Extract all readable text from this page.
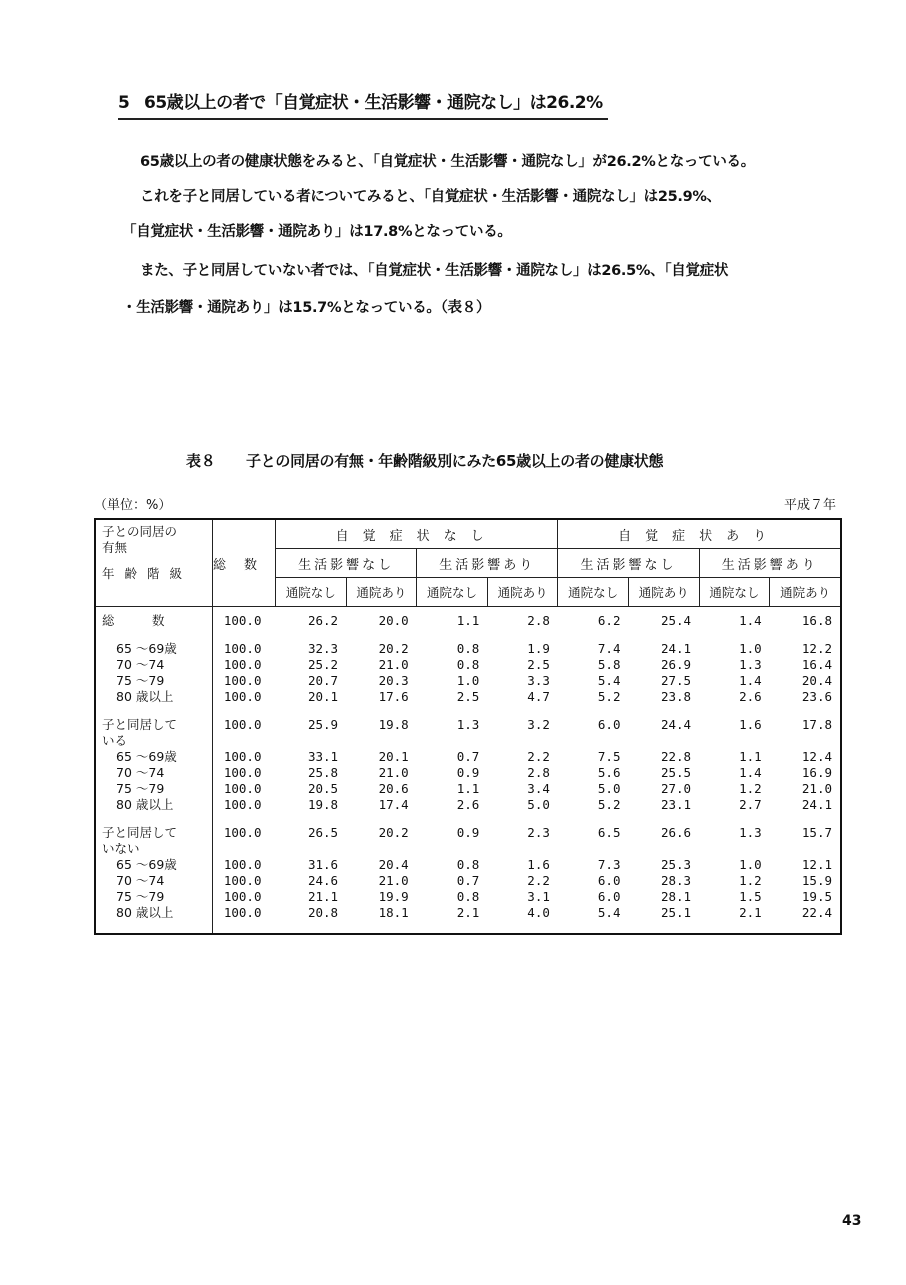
5 65歳以上の者で「自覚症状・生活影響・通院なし」は26.2%
65歳以上の者の健康状態をみると、「自覚症状・生活影響・通院なし」が26.2%となっている。
これを子と同居している者についてみると、「自覚症状・生活影響・通院なし」は25.9%、
「自覚症状・生活影響・通院あり」は17.8%となっている。
また、子と同居していない者では、「自覚症状・生活影響・通院なし」は26.5%、「自覚症状
・生活影響・通院あり」は15.7%となっている。（表８）
表８ 子との同居の有無・年齢階級別にみた65歳以上の者の健康状態
（単位：%）	平成７年
子との同居の
有無
年齢階級	総数	自覚症状なし				自覚症状あり			
		生活影響なし		生活影響あり		生活影響なし		生活影響あり	
		通院なし	通院あり	通院なし	通院あり	通院なし	通院あり	通院なし	通院あり
総　　　数	100.0	26.2	20.0	1.1	2.8	6.2	25.4	1.4	16.8

65 ～69歳	100.0	32.3	20.2	0.8	1.9	7.4	24.1	1.0	12.2
70 ～74	100.0	25.2	21.0	0.8	2.5	5.8	26.9	1.3	16.4
75 ～79	100.0	20.7	20.3	1.0	3.3	5.4	27.5	1.4	20.4
80 歳以上	100.0	20.1	17.6	2.5	4.7	5.2	23.8	2.6	23.6

子と同居して	100.0	25.9	19.8	1.3	3.2	6.0	24.4	1.6	17.8
いる									
65 ～69歳	100.0	33.1	20.1	0.7	2.2	7.5	22.8	1.1	12.4
70 ～74	100.0	25.8	21.0	0.9	2.8	5.6	25.5	1.4	16.9
75 ～79	100.0	20.5	20.6	1.1	3.4	5.0	27.0	1.2	21.0
80 歳以上	100.0	19.8	17.4	2.6	5.0	5.2	23.1	2.7	24.1

子と同居して	100.0	26.5	20.2	0.9	2.3	6.5	26.6	1.3	15.7
いない									
65 ～69歳	100.0	31.6	20.4	0.8	1.6	7.3	25.3	1.0	12.1
70 ～74	100.0	24.6	21.0	0.7	2.2	6.0	28.3	1.2	15.9
75 ～79	100.0	21.1	19.9	0.8	3.1	6.0	28.1	1.5	19.5
80 歳以上	100.0	20.8	18.1	2.1	4.0	5.4	25.1	2.1	22.4

43
